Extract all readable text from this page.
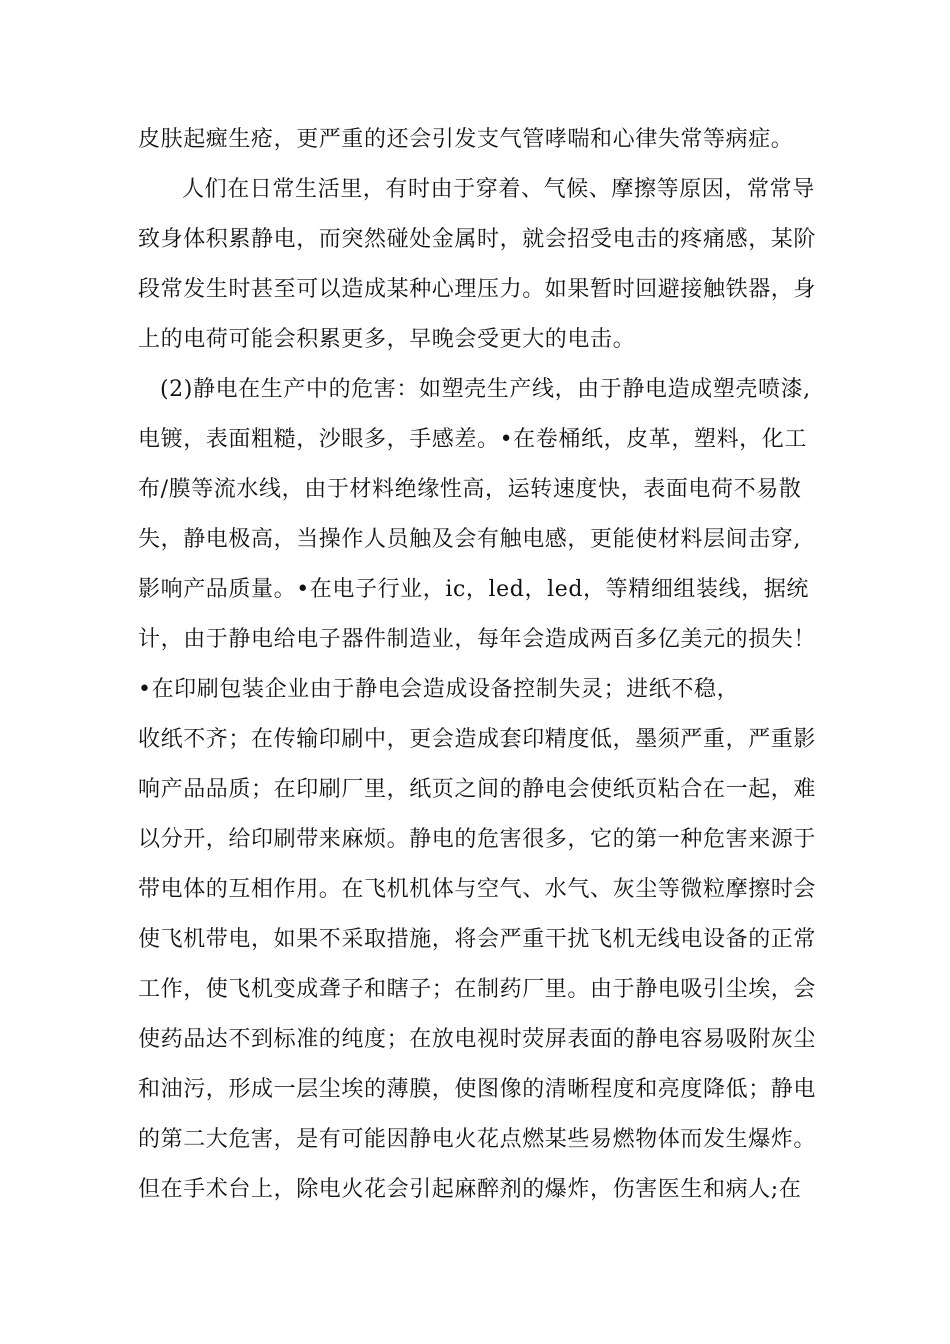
皮肤起癍生疮，更严重的还会引发支气管哮喘和心律失常等病症。
人们在日常生活里，有时由于穿着、气候、摩擦等原因，常常导
致身体积累静电，而突然碰处金属时，就会招受电击的疼痛感，某阶
段常发生时甚至可以造成某种心理压力。如果暂时回避接触铁器，身
上的电荷可能会积累更多，早晚会受更大的电击。
(2)静电在生产中的危害：如塑壳生产线，由于静电造成塑壳喷漆,
电镀，表面粗糙，沙眼多，手感差。•在卷桶纸，皮革，塑料，化工
布/膜等流水线，由于材料绝缘性高，运转速度快，表面电荷不易散
失，静电极高，当操作人员触及会有触电感，更能使材料层间击穿,
影响产品质量。•在电子行业，ic，led，led，等精细组装线，据统
计，由于静电给电子器件制造业，每年会造成两百多亿美元的损失！
•在印刷包装企业由于静电会造成设备控制失灵；进纸不稳，
收纸不齐；在传输印刷中，更会造成套印精度低，墨须严重，严重影
响产品品质；在印刷厂里，纸页之间的静电会使纸页粘合在一起，难
以分开，给印刷带来麻烦。静电的危害很多，它的第一种危害来源于
带电体的互相作用。在飞机机体与空气、水气、灰尘等微粒摩擦时会
使飞机带电，如果不采取措施，将会严重干扰飞机无线电设备的正常
工作，使飞机变成聋子和瞎子；在制药厂里。由于静电吸引尘埃，会
使药品达不到标准的纯度；在放电视时荧屏表面的静电容易吸附灰尘
和油污，形成一层尘埃的薄膜，使图像的清晰程度和亮度降低；静电
的第二大危害，是有可能因静电火花点燃某些易燃物体而发生爆炸。
但在手术台上，除电火花会引起麻醉剂的爆炸，伤害医生和病人;在
